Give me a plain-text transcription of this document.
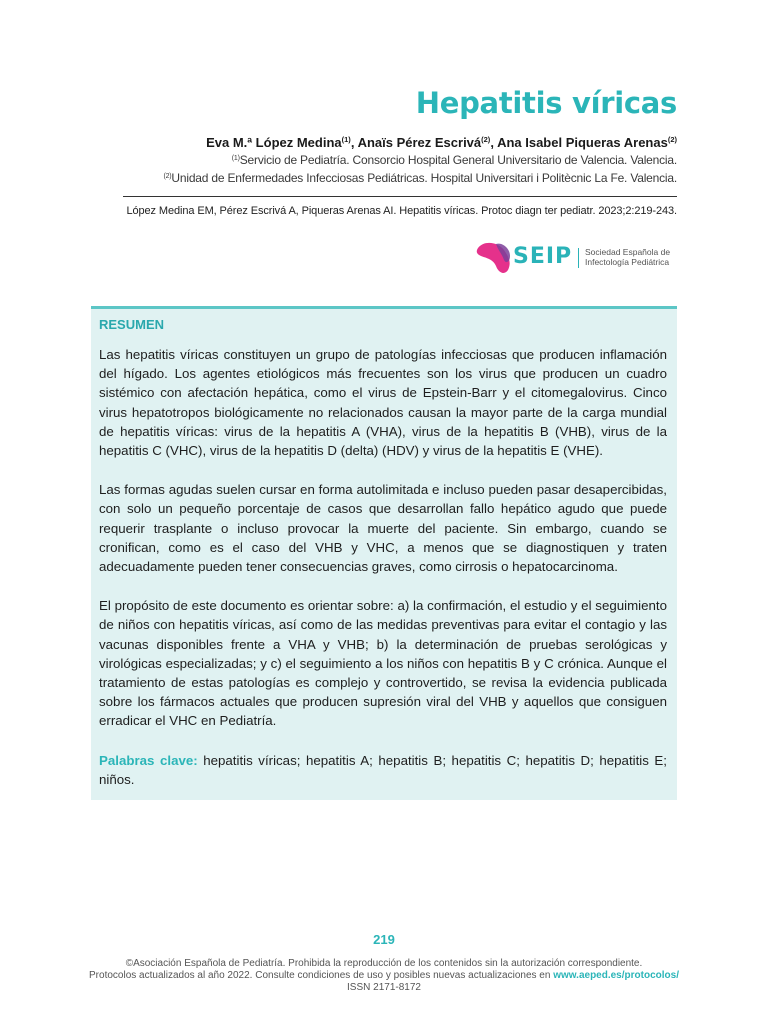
Hepatitis víricas
Eva M.ª López Medina$^{(1)}$, Anaïs Pérez Escrivá$^{(2)}$, Ana Isabel Piqueras Arenas$^{(2)}$
$^{(1)}$Servicio de Pediatría. Consorcio Hospital General Universitario de Valencia. Valencia.
$^{(2)}$Unidad de Enfermedades Infecciosas Pediátricas. Hospital Universitari i Politècnic La Fe. Valencia.
López Medina EM, Pérez Escrivá A, Piqueras Arenas AI. Hepatitis víricas. Protoc diagn ter pediatr. 2023;2:219-243.
SEIP Sociedad Española de
Infectología Pediátrica
RESUMEN

Las hepatitis víricas constituyen un grupo de patologías infecciosas que producen inflamación del hígado. Los agentes etiológicos más frecuentes son los virus que producen un cuadro sistémico con afectación hepática, como el virus de Epstein-Barr y el citomegalovirus. Cinco virus hepatotropos biológicamente no relacionados causan la mayor parte de la carga mundial de hepatitis víricas: virus de la hepatitis A (VHA), virus de la hepatitis B (VHB), virus de la hepatitis C (VHC), virus de la hepatitis D (delta) (HDV) y virus de la hepatitis E (VHE).

Las formas agudas suelen cursar en forma autolimitada e incluso pueden pasar desapercibidas, con solo un pequeño porcentaje de casos que desarrollan fallo hepático agudo que puede requerir trasplante o incluso provocar la muerte del paciente. Sin embargo, cuando se cronifican, como es el caso del VHB y VHC, a menos que se diagnostiquen y traten adecuadamente pueden tener consecuencias graves, como cirrosis o hepatocarcinoma.

El propósito de este documento es orientar sobre: a) la confirmación, el estudio y el seguimiento de niños con hepatitis víricas, así como de las medidas preventivas para evitar el contagio y las vacunas disponibles frente a VHA y VHB; b) la determinación de pruebas serológicas y virológicas especializadas; y c) el seguimiento a los niños con hepatitis B y C crónica. Aunque el tratamiento de estas patologías es complejo y controvertido, se revisa la evidencia publicada sobre los fármacos actuales que producen supresión viral del VHB y aquellos que consiguen erradicar el VHC en Pediatría.

Palabras clave: hepatitis víricas; hepatitis A; hepatitis B; hepatitis C; hepatitis D; hepatitis E; niños.

219
©Asociación Española de Pediatría. Prohibida la reproducción de los contenidos sin la autorización correspondiente.
Protocolos actualizados al año 2022. Consulte condiciones de uso y posibles nuevas actualizaciones en www.aeped.es/protocolos/
ISSN 2171-8172
